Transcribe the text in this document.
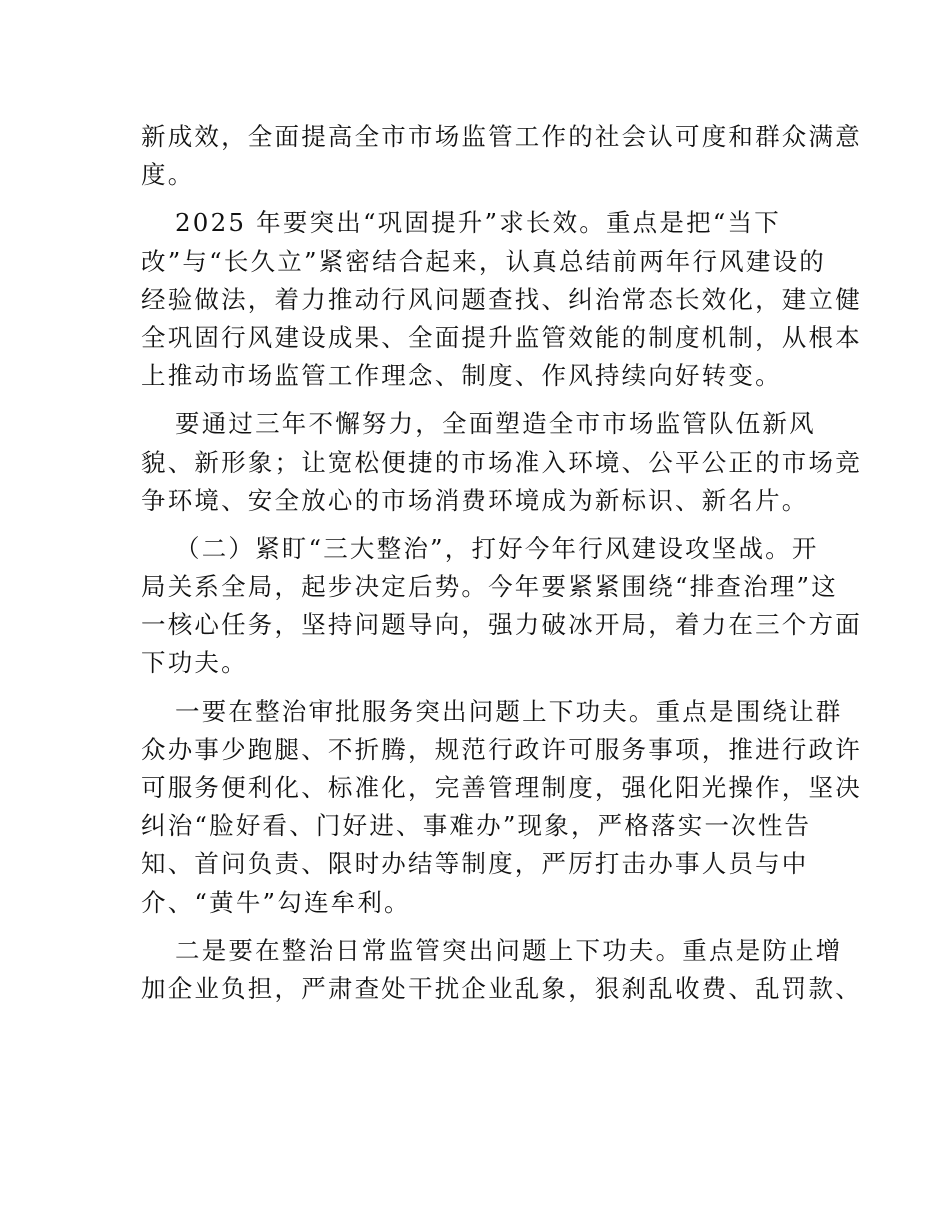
新成效，全面提高全市市场监管工作的社会认可度和群众满意
度。

2025 年要突出“巩固提升”求长效。重点是把“当下
改”与“长久立”紧密结合起来，认真总结前两年行风建设的
经验做法，着力推动行风问题查找、纠治常态长效化，建立健
全巩固行风建设成果、全面提升监管效能的制度机制，从根本
上推动市场监管工作理念、制度、作风持续向好转变。

要通过三年不懈努力，全面塑造全市市场监管队伍新风
貌、新形象；让宽松便捷的市场准入环境、公平公正的市场竞
争环境、安全放心的市场消费环境成为新标识、新名片。

（二）紧盯“三大整治”，打好今年行风建设攻坚战。开
局关系全局，起步决定后势。今年要紧紧围绕“排查治理”这
一核心任务，坚持问题导向，强力破冰开局，着力在三个方面
下功夫。

一要在整治审批服务突出问题上下功夫。重点是围绕让群
众办事少跑腿、不折腾，规范行政许可服务事项，推进行政许
可服务便利化、标准化，完善管理制度，强化阳光操作，坚决
纠治“脸好看、门好进、事难办”现象，严格落实一次性告
知、首问负责、限时办结等制度，严厉打击办事人员与中
介、“黄牛”勾连牟利。

二是要在整治日常监管突出问题上下功夫。重点是防止增
加企业负担，严肃查处干扰企业乱象，狠刹乱收费、乱罚款、
